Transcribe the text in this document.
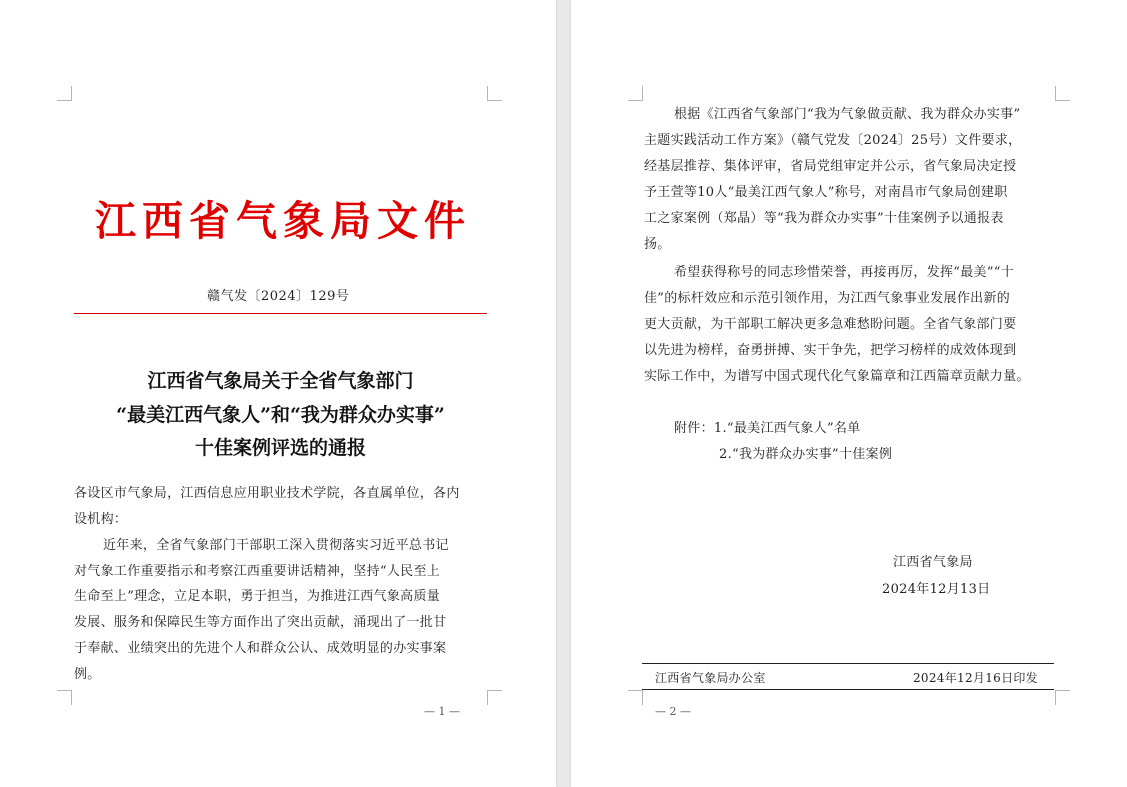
江西省气象局文件
赣气发〔2024〕129号
江西省气象局关于全省气象部门
“最美江西气象人”和“我为群众办实事”
十佳案例评选的通报
各设区市气象局，江西信息应用职业技术学院，各直属单位，各内
设机构：
近年来，全省气象部门干部职工深入贯彻落实习近平总书记
对气象工作重要指示和考察江西重要讲话精神，坚持“人民至上
生命至上”理念，立足本职，勇于担当，为推进江西气象高质量
发展、服务和保障民生等方面作出了突出贡献，涌现出了一批甘
于奉献、业绩突出的先进个人和群众公认、成效明显的办实事案
例。
— 1 —
根据《江西省气象部门“我为气象做贡献、我为群众办实事”
主题实践活动工作方案》（赣气党发〔2024〕25号）文件要求，
经基层推荐、集体评审，省局党组审定并公示，省气象局决定授
予王萱等10人“最美江西气象人”称号，对南昌市气象局创建职
工之家案例（郑晶）等“我为群众办实事”十佳案例予以通报表
扬。
希望获得称号的同志珍惜荣誉，再接再厉，发挥“最美”“十
佳”的标杆效应和示范引领作用，为江西气象事业发展作出新的
更大贡献，为干部职工解决更多急难愁盼问题。全省气象部门要
以先进为榜样，奋勇拼搏、实干争先，把学习榜样的成效体现到
实际工作中，为谱写中国式现代化气象篇章和江西篇章贡献力量。
附件：1.“最美江西气象人”名单
2.“我为群众办实事”十佳案例
江西省气象局
2024年12月13日
江西省气象局办公室	2024年12月16日印发
— 2 —
